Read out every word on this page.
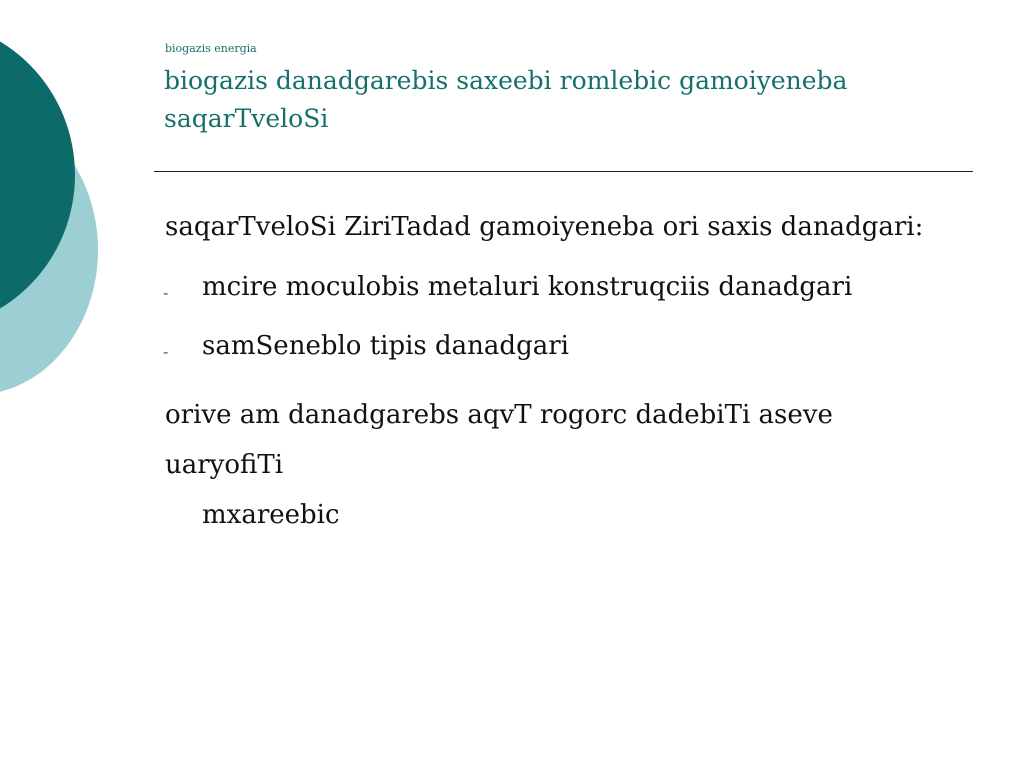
biogazis energia
biogazis danadgarebis saxeebi romlebic gamoiyeneba saqarTveloSi
saqarTveloSi ZiriTadad gamoiyeneba ori saxis danadgari:
- mcire moculobis metaluri konstruqciis danadgari
- samSeneblo tipis danadgari
orive am danadgarebs aqvT rogorc dadebiTi aseve uaryofiTi
mxareebic
